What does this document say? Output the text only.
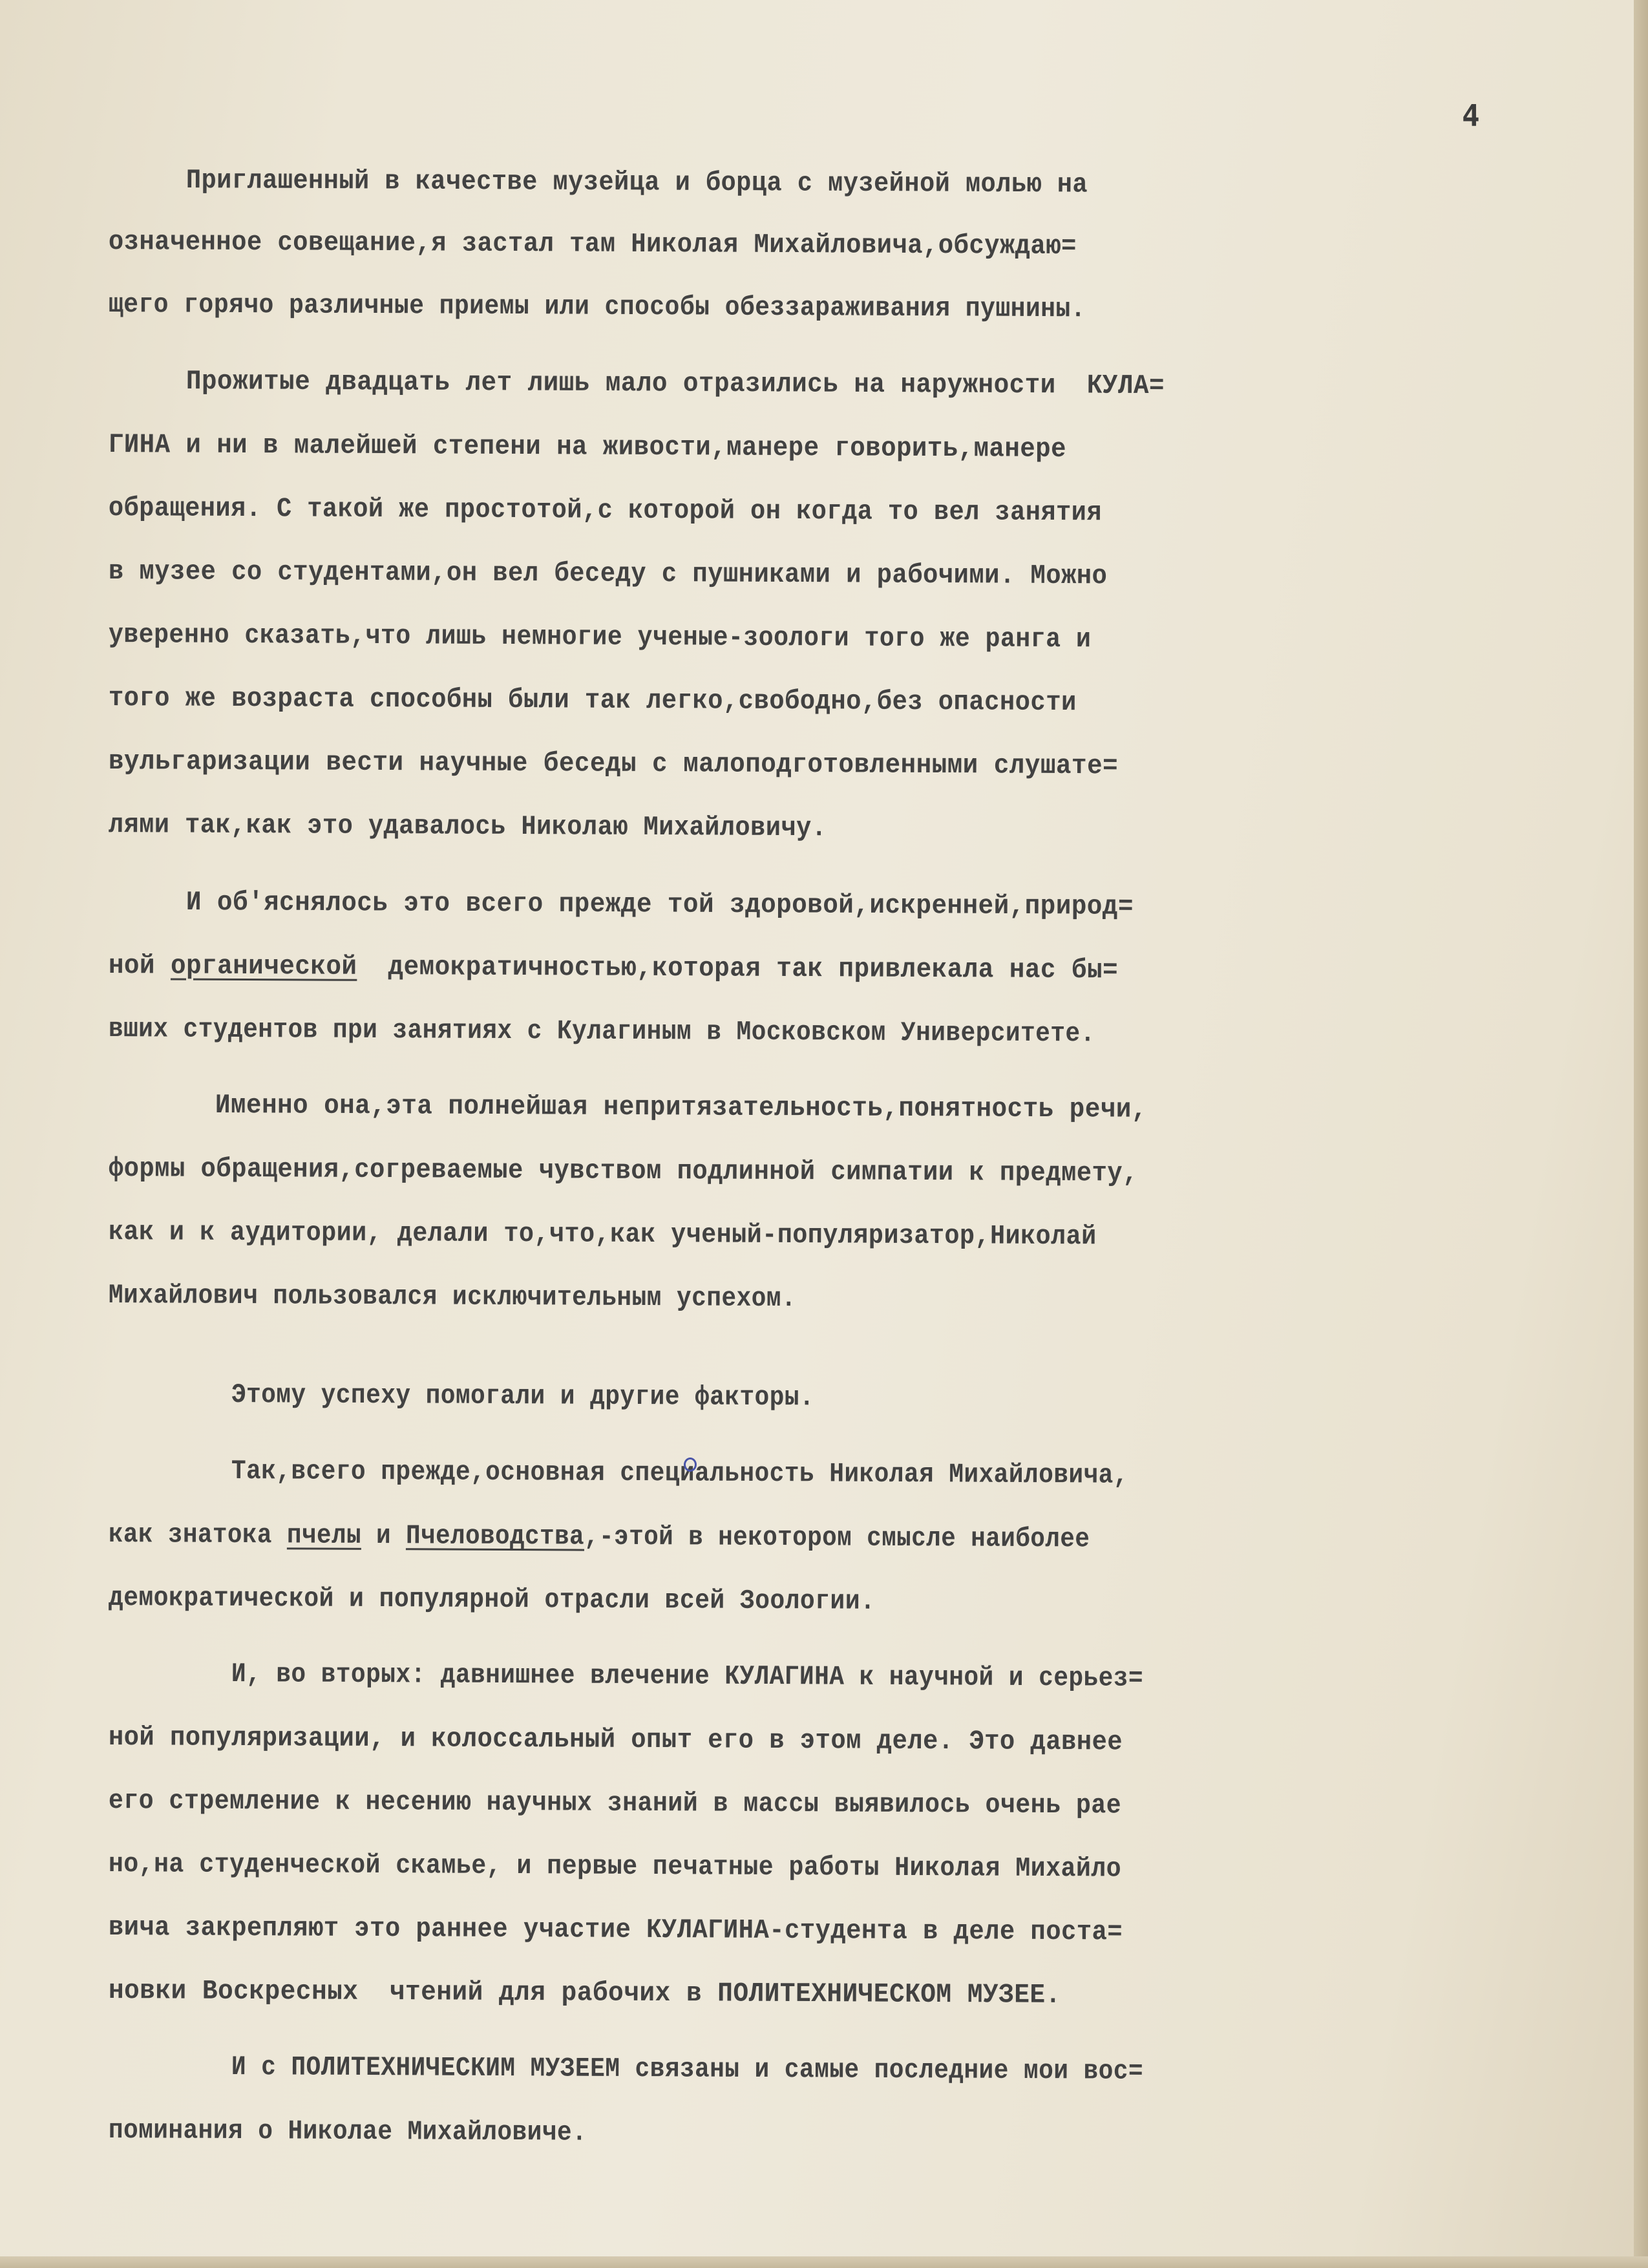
4
Приглашенный в качестве музейца и борца с музейной молью на
означенное совещание,я застал там Николая Михайловича,обсуждаю=
щего горячо различные приемы или способы обеззараживания пушнины.
Прожитые двадцать лет лишь мало отразились на наружности  КУЛА=
ГИНА и ни в малейшей степени на живости,манере говорить,манере
обращения. С такой же простотой,с которой он когда то вел занятия
в музее со студентами,он вел беседу с пушниками и рабочими. Можно
уверенно сказать,что лишь немногие ученые-зоологи того же ранга и
того же возраста способны были так легко,свободно,без опасности
вульгаризации вести научные беседы с малоподготовленными слушате=
лями так,как это удавалось Николаю Михайловичу.
И об'яснялось это всего прежде той здоровой,искренней,природ=
ной органической  демократичностью,которая так привлекала нас бы=
вших студентов при занятиях с Кулагиным в Московском Университете.
Именно она,эта полнейшая непритязательность,понятность речи,
формы обращения,согреваемые чувством подлинной симпатии к предмету,
как и к аудитории, делали то,что,как ученый-популяризатор,Николай
Михайлович пользовался исключительным успехом.
Этому успеху помогали и другие факторы.
Так,всего прежде,основная специальность Николая Михайловича,
как знатока пчелы и Пчеловодства,-этой в некотором смысле наиболее
демократической и популярной отрасли всей Зоологии.
И, во вторых: давнишнее влечение КУЛАГИНА к научной и серьез=
ной популяризации, и колоссальный опыт его в этом деле. Это давнее
его стремление к несению научных знаний в массы выявилось очень рае
но,на студенческой скамье, и первые печатные работы Николая Михайло
вича закрепляют это раннее участие КУЛАГИНА-студента в деле поста=
новки Воскресных  чтений для рабочих в ПОЛИТЕХНИЧЕСКОМ МУЗЕЕ.
И с ПОЛИТЕХНИЧЕСКИМ МУЗЕЕМ связаны и самые последние мои вос=
поминания о Николае Михайловиче.
